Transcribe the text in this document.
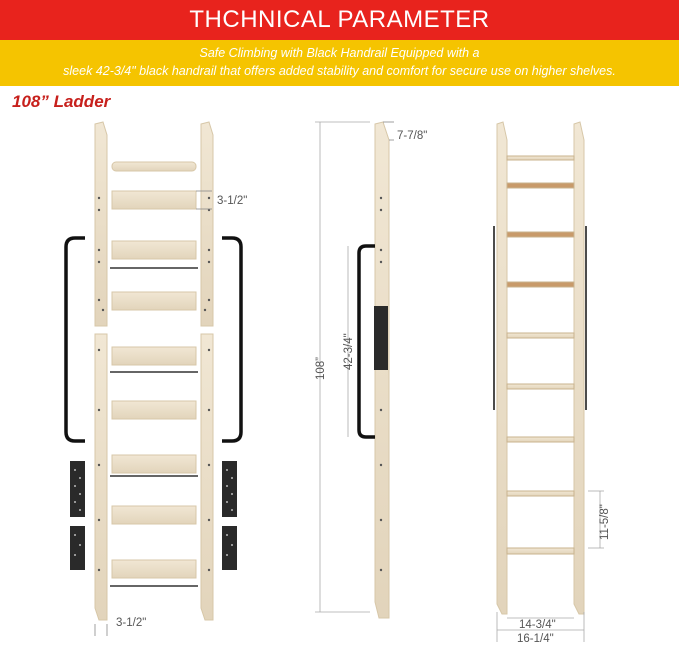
THCHNICAL PARAMETER
Safe Climbing with Black Handrail Equipped with a
sleek 42-3/4" black handrail that offers added stability and comfort for secure use on higher shelves.
108” Ladder
3-1/2"
3-1/2"
7-7/8"
108” 42-3/4"
11-5/8"
14-3/4"
16-1/4"
